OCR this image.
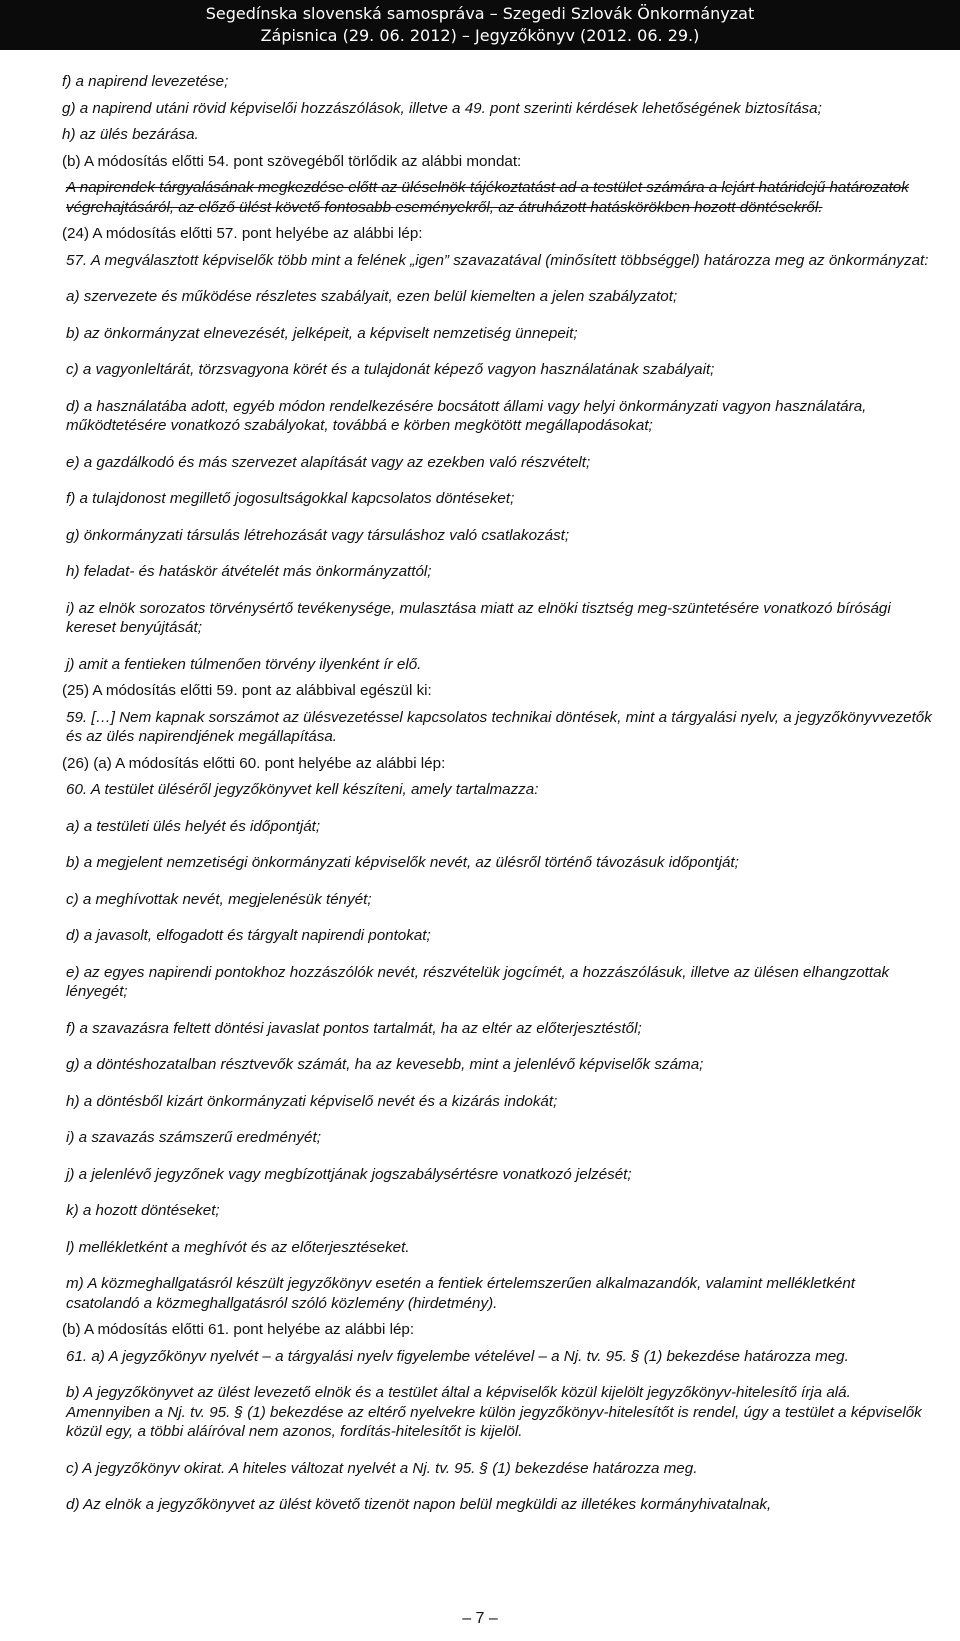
Segedínska slovenská samospráva – Szegedi Szlovák Önkormányzat
Zápisnica (29. 06. 2012) – Jegyzőkönyv (2012. 06. 29.)

f) a napirend levezetése;

g) a napirend utáni rövid képviselői hozzászólások, illetve a 49. pont szerinti kérdések lehetőségének biztosítása;

h) az ülés bezárása.

(b) A módosítás előtti 54. pont szövegéből törlődik az alábbi mondat:

A napirendek tárgyalásának megkezdése előtt az üléselnök tájékoztatást ad a testület számára a lejárt határidejű határozatok végrehajtásáról, az előző ülést követő fontosabb eseményekről, az átruházott hatáskörökben hozott döntésekről.

(24) A módosítás előtti 57. pont helyébe az alábbi lép:

57. A megválasztott képviselők több mint a felének „igen” szavazatával (minősített többséggel) határozza meg az önkormányzat:

a) szervezete és működése részletes szabályait, ezen belül kiemelten a jelen szabályzatot;

b) az önkormányzat elnevezését, jelképeit, a képviselt nemzetiség ünnepeit;

c) a vagyonleltárát, törzsvagyona körét és a tulajdonát képező vagyon használatának szabályait;

d) a használatába adott, egyéb módon rendelkezésére bocsátott állami vagy helyi önkormányzati vagyon használatára, működtetésére vonatkozó szabályokat, továbbá e körben megkötött megállapodásokat;

e) a gazdálkodó és más szervezet alapítását vagy az ezekben való részvételt;

f) a tulajdonost megillető jogosultságokkal kapcsolatos döntéseket;

g) önkormányzati társulás létrehozását vagy társuláshoz való csatlakozást;

h) feladat- és hatáskör átvételét más önkormányzattól;

i) az elnök sorozatos törvénysértő tevékenysége, mulasztása miatt az elnöki tisztség meg-szüntetésére vonatkozó bírósági kereset benyújtását;

j) amit a fentieken túlmenően törvény ilyenként ír elő.

(25) A módosítás előtti 59. pont az alábbival egészül ki:

59. […] Nem kapnak sorszámot az ülésvezetéssel kapcsolatos technikai döntések, mint a tárgyalási nyelv, a jegyzőkönyvvezetők és az ülés napirendjének megállapítása.

(26) (a) A módosítás előtti 60. pont helyébe az alábbi lép:

60. A testület üléséről jegyzőkönyvet kell készíteni, amely tartalmazza:

a) a testületi ülés helyét és időpontját;

b) a megjelent nemzetiségi önkormányzati képviselők nevét, az ülésről történő távozásuk időpontját;

c) a meghívottak nevét, megjelenésük tényét;

d) a javasolt, elfogadott és tárgyalt napirendi pontokat;

e) az egyes napirendi pontokhoz hozzászólók nevét, részvételük jogcímét, a hozzászólásuk, illetve az ülésen elhangzottak lényegét;

f) a szavazásra feltett döntési javaslat pontos tartalmát, ha az eltér az előterjesztéstől;

g) a döntéshozatalban résztvevők számát, ha az kevesebb, mint a jelenlévő képviselők száma;

h) a döntésből kizárt önkormányzati képviselő nevét és a kizárás indokát;

i) a szavazás számszerű eredményét;

j) a jelenlévő jegyzőnek vagy megbízottjának jogszabálysértésre vonatkozó jelzését;

k) a hozott döntéseket;

l) mellékletként a meghívót és az előterjesztéseket.

m) A közmeghallgatásról készült jegyzőkönyv esetén a fentiek értelemszerűen alkalmazandók, valamint mellékletként csatolandó a közmeghallgatásról szóló közlemény (hirdetmény).

(b) A módosítás előtti 61. pont helyébe az alábbi lép:

61. a) A jegyzőkönyv nyelvét – a tárgyalási nyelv figyelembe vételével – a Nj. tv. 95. § (1) bekezdése határozza meg.

b) A jegyzőkönyvet az ülést levezető elnök és a testület által a képviselők közül kijelölt jegyzőkönyv-hitelesítő írja alá. Amennyiben a Nj. tv. 95. § (1) bekezdése az eltérő nyelvekre külön jegyzőkönyv-hitelesítőt is rendel, úgy a testület a képviselők közül egy, a többi aláíróval nem azonos, fordítás-hitelesítőt is kijelöl.

c) A jegyzőkönyv okirat. A hiteles változat nyelvét a Nj. tv. 95. § (1) bekezdése határozza meg.

d) Az elnök a jegyzőkönyvet az ülést követő tizenöt napon belül megküldi az illetékes kormányhivatalnak,

– 7 –
